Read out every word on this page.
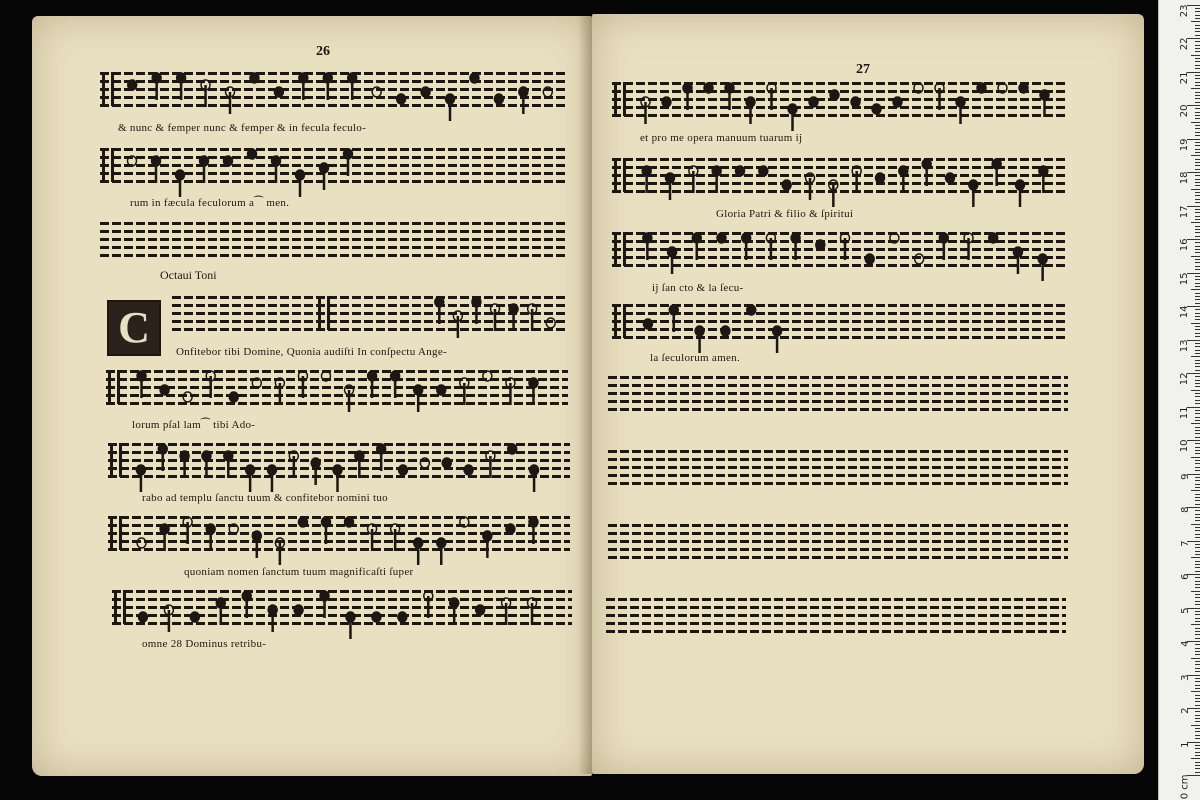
26
& nunc & femper nunc & femper & in fecula feculo-
rum in fæcula feculorum a⁀ men.
Octaui Toni
C	Onfitebor tibi Domine, Quonia audiſti In conſpectu Ange-
lorum pſal lam⁀ tibi Ado-
rabo ad templu ſanctu tuum & confitebor nomini tuo
quoniam nomen ſanctum tuum magnificaſti ſuper
omne 28 Dominus retribu-
27
et pro me opera manuum tuarum ij
Gloria Patri & filio & ſpiritui
ij ſan cto & la ſecu-
la ſeculorum amen.
0 cm
1
2
3
4
5
6
7
8
9
10
11
12
13
14
15
16
17
18
19
20
21
22
23
